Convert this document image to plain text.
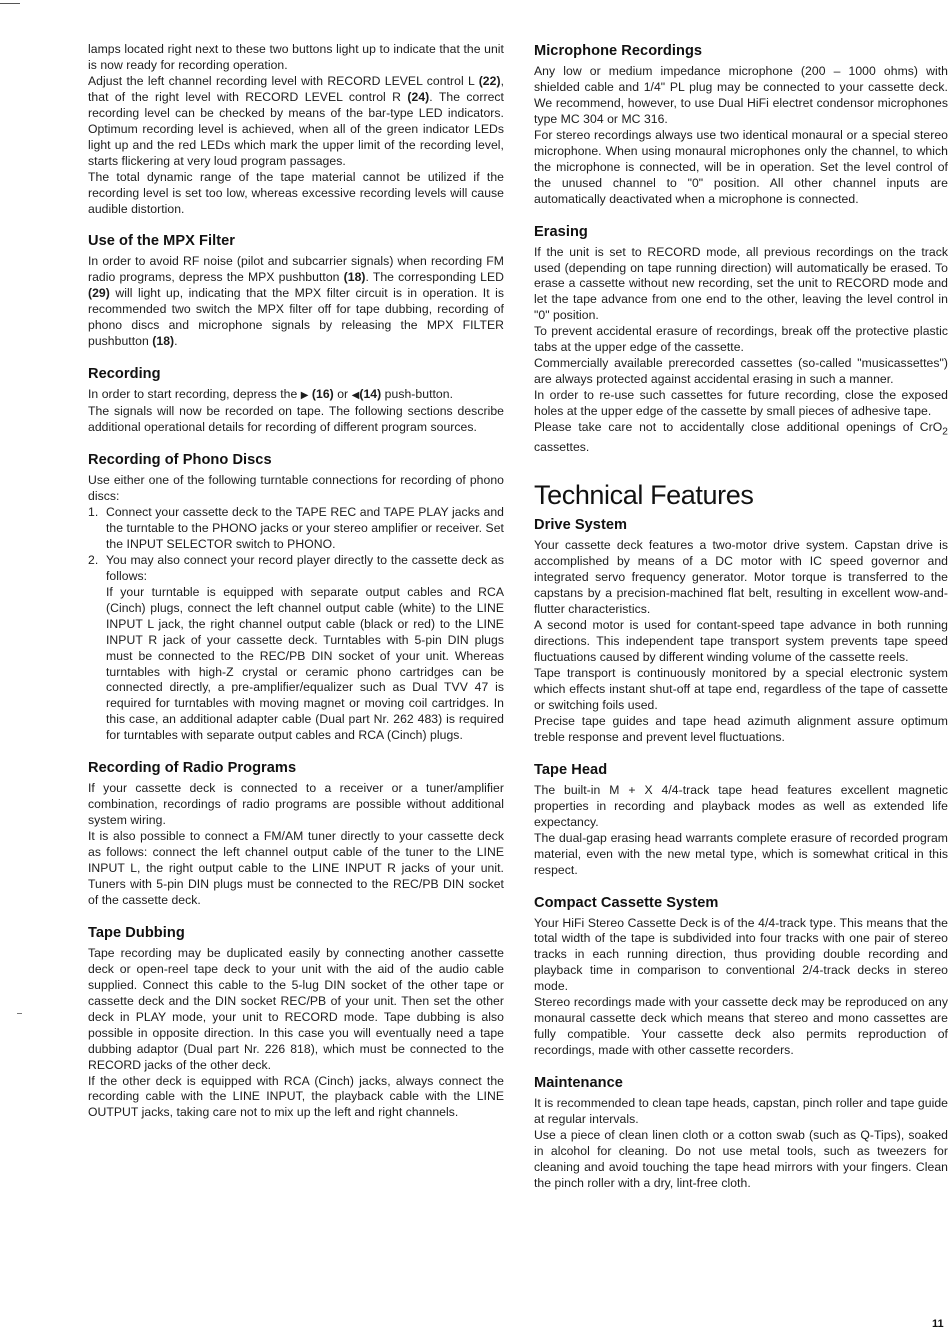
lamps located right next to these two buttons light up to indicate that the unit is now ready for recording operation.

Adjust the left channel recording level with RECORD LEVEL control L (22), that of the right level with RECORD LEVEL control R (24). The correct recording level can be checked by means of the bar-type LED indicators. Optimum recording level is achieved, when all of the green indicator LEDs light up and the red LEDs which mark the upper limit of the recording level, starts flickering at very loud program passages.

The total dynamic range of the tape material cannot be utilized if the recording level is set too low, whereas excessive recording levels will cause audible distortion.

Use of the MPX Filter

In order to avoid RF noise (pilot and subcarrier signals) when recording FM radio programs, depress the MPX pushbutton (18). The corresponding LED (29) will light up, indicating that the MPX filter circuit is in operation. It is recommended two switch the MPX filter off for tape dubbing, recording of phono discs and microphone signals by releasing the MPX FILTER pushbutton (18).

Recording

In order to start recording, depress the ▶ (16) or ◀(14) push-button.

The signals will now be recorded on tape. The following sections describe additional operational details for recording of different program sources.

Recording of Phono Discs

Use either one of the following turntable connections for recording of phono discs:

1. Connect your cassette deck to the TAPE REC and TAPE PLAY jacks and the turntable to the PHONO jacks or your stereo amplifier or receiver. Set the INPUT SELECTOR switch to PHONO.

2. You may also connect your record player directly to the cassette deck as follows:

If your turntable is equipped with separate output cables and RCA (Cinch) plugs, connect the left channel output cable (white) to the LINE INPUT L jack, the right channel output cable (black or red) to the LINE INPUT R jack of your cassette deck. Turntables with 5-pin DIN plugs must be connected to the REC/PB DIN socket of your unit. Whereas turntables with high-Z crystal or ceramic phono cartridges can be connected directly, a pre-amplifier/equalizer such as Dual TVV 47 is required for turntables with moving magnet or moving coil cartridges. In this case, an additional adapter cable (Dual part Nr. 262 483) is required for turntables with separate output cables and RCA (Cinch) plugs.

Recording of Radio Programs

If your cassette deck is connected to a receiver or a tuner/amplifier combination, recordings of radio programs are possible without additional system wiring.

It is also possible to connect a FM/AM tuner directly to your cassette deck as follows: connect the left channel output cable of the tuner to the LINE INPUT L, the right output cable to the LINE INPUT R jacks of your unit. Tuners with 5-pin DIN plugs must be connected to the REC/PB DIN socket of the cassette deck.

Tape Dubbing

Tape recording may be duplicated easily by connecting another cassette deck or open-reel tape deck to your unit with the aid of the audio cable supplied. Connect this cable to the 5-lug DIN socket of the other tape or cassette deck and the DIN socket REC/PB of your unit. Then set the other deck in PLAY mode, your unit to RECORD mode. Tape dubbing is also possible in opposite direction. In this case you will eventually need a tape dubbing adaptor (Dual part Nr. 226 818), which must be connected to the RECORD jacks of the other deck.

If the other deck is equipped with RCA (Cinch) jacks, always connect the recording cable with the LINE INPUT, the playback cable with the LINE OUTPUT jacks, taking care not to mix up the left and right channels.

Microphone Recordings

Any low or medium impedance microphone (200 – 1000 ohms) with shielded cable and 1/4" PL plug may be connected to your cassette deck. We recommend, however, to use Dual HiFi electret condensor microphones type MC 304 or MC 316.

For stereo recordings always use two identical monaural or a special stereo microphone. When using monaural microphones only the channel, to which the microphone is connected, will be in operation. Set the level control of the unused channel to "0" position. All other channel inputs are automatically deactivated when a microphone is connected.

Erasing

If the unit is set to RECORD mode, all previous recordings on the track used (depending on tape running direction) will automatically be erased. To erase a cassette without new recording, set the unit to RECORD mode and let the tape advance from one end to the other, leaving the level control in "0" position.

To prevent accidental erasure of recordings, break off the protective plastic tabs at the upper edge of the cassette.

Commercially available prerecorded cassettes (so-called "musicassettes") are always protected against accidental erasing in such a manner.

In order to re-use such cassettes for future recording, close the exposed holes at the upper edge of the cassette by small pieces of adhesive tape.

Please take care not to accidentally close additional openings of CrO$_2$ cassettes.

Technical Features
Drive System

Your cassette deck features a two-motor drive system. Capstan drive is accomplished by means of a DC motor with IC speed governor and integrated servo frequency generator. Motor torque is transferred to the capstans by a precision-machined flat belt, resulting in excellent wow-and-flutter characteristics.

A second motor is used for contant-speed tape advance in both running directions. This independent tape transport system prevents tape speed fluctuations caused by different winding volume of the cassette reels.

Tape transport is continuously monitored by a special electronic system which effects instant shut-off at tape end, regardless of the tape of cassette or switching foils used.

Precise tape guides and tape head azimuth alignment assure optimum treble response and prevent level fluctuations.

Tape Head

The built-in M + X 4/4-track tape head features excellent magnetic properties in recording and playback modes as well as extended life expectancy.

The dual-gap erasing head warrants complete erasure of recorded program material, even with the new metal type, which is somewhat critical in this respect.

Compact Cassette System

Your HiFi Stereo Cassette Deck is of the 4/4-track type. This means that the total width of the tape is subdivided into four tracks with one pair of stereo tracks in each running direction, thus providing double recording and playback time in comparison to conventional 2/4-track decks in stereo mode.

Stereo recordings made with your cassette deck may be reproduced on any monaural cassette deck which means that stereo and mono cassettes are fully compatible. Your cassette deck also permits reproduction of recordings, made with other cassette recorders.

Maintenance

It is recommended to clean tape heads, capstan, pinch roller and tape guide at regular intervals.

Use a piece of clean linen cloth or a cotton swab (such as Q-Tips), soaked in alcohol for cleaning. Do not use metal tools, such as tweezers for cleaning and avoid touching the tape head mirrors with your fingers. Clean the pinch roller with a dry, lint-free cloth.

11
